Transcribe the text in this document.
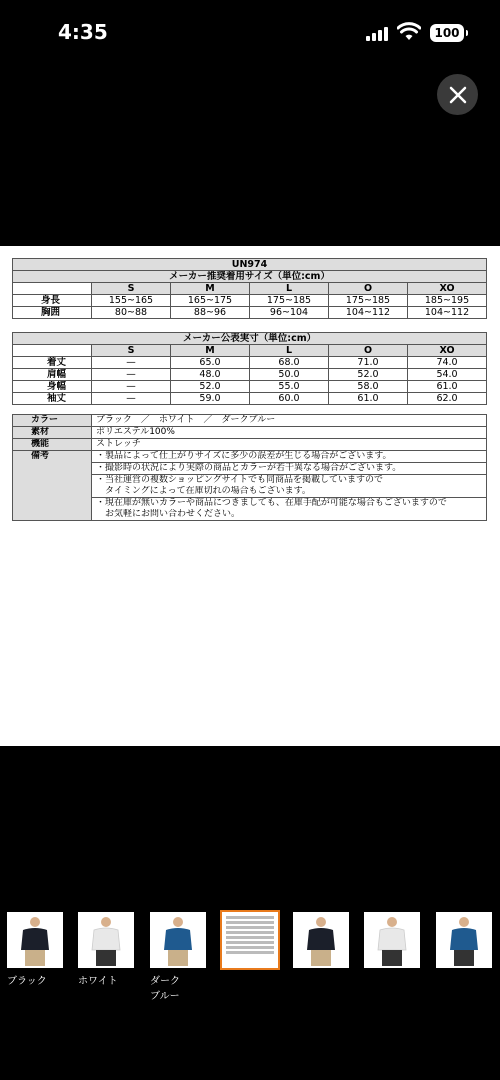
4:35	100
UN974					
メーカー推奨着用サイズ（単位:cm）					
	S	M	L	O	XO
身長	155~165	165~175	175~185	175~185	185~195
胸囲	80~88	88~96	96~104	104~112	104~112
メーカー公表実寸（単位:cm）					
	S	M	L	O	XO
着丈	—	65.0	68.0	71.0	74.0
肩幅	—	48.0	50.0	52.0	54.0
身幅	—	52.0	55.0	58.0	61.0
袖丈	—	59.0	60.0	61.0	62.0
カラー	ブラック　／　ホワイト　／　ダークブルー
素材	ポリエステル100%
機能	ストレッチ
備考	・製品によって仕上がりサイズに多少の誤差が生じる場合がございます。
	・撮影時の状況により実際の商品とカラーが若干異なる場合がございます。
	・当社運営の複数ショッピングサイトでも同商品を掲載していますので
	　タイミングによって在庫切れの場合もございます。
	・現在庫が無いカラーや商品につきましても、在庫手配が可能な場合もございますので
	　お気軽にお問い合わせください。
ブラック	ホワイト	ダーク
ブルー
